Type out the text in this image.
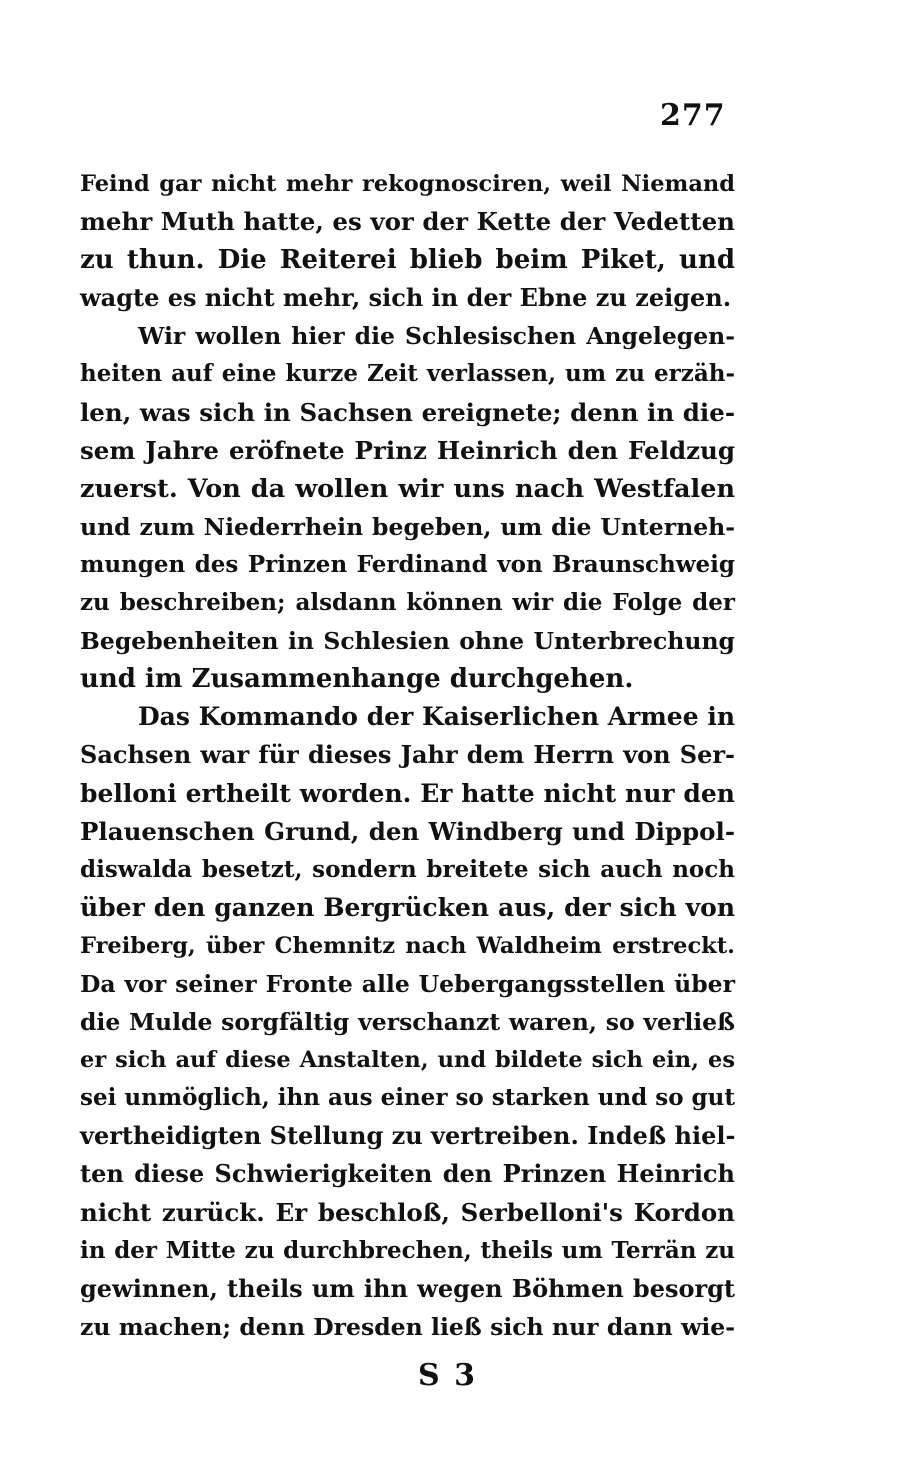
277
Feind gar nicht mehr rekognosciren, weil Niemand
mehr Muth hatte, es vor der Kette der Vedetten
zu thun. Die Reiterei blieb beim Piket, und
wagte es nicht mehr, sich in der Ebne zu zeigen.
Wir wollen hier die Schlesischen Angelegen-
heiten auf eine kurze Zeit verlassen, um zu erzäh-
len, was sich in Sachsen ereignete; denn in die-
sem Jahre eröfnete Prinz Heinrich den Feldzug
zuerst. Von da wollen wir uns nach Westfalen
und zum Niederrhein begeben, um die Unterneh-
mungen des Prinzen Ferdinand von Braunschweig
zu beschreiben; alsdann können wir die Folge der
Begebenheiten in Schlesien ohne Unterbrechung
und im Zusammenhange durchgehen.
Das Kommando der Kaiserlichen Armee in
Sachsen war für dieses Jahr dem Herrn von Ser-
belloni ertheilt worden. Er hatte nicht nur den
Plauenschen Grund, den Windberg und Dippol-
diswalda besetzt, sondern breitete sich auch noch
über den ganzen Bergrücken aus, der sich von
Freiberg, über Chemnitz nach Waldheim erstreckt.
Da vor seiner Fronte alle Uebergangsstellen über
die Mulde sorgfältig verschanzt waren, so verließ
er sich auf diese Anstalten, und bildete sich ein, es
sei unmöglich, ihn aus einer so starken und so gut
vertheidigten Stellung zu vertreiben. Indeß hiel-
ten diese Schwierigkeiten den Prinzen Heinrich
nicht zurück. Er beschloß, Serbelloni's Kordon
in der Mitte zu durchbrechen, theils um Terrän zu
gewinnen, theils um ihn wegen Böhmen besorgt
zu machen; denn Dresden ließ sich nur dann wie-
S 3
